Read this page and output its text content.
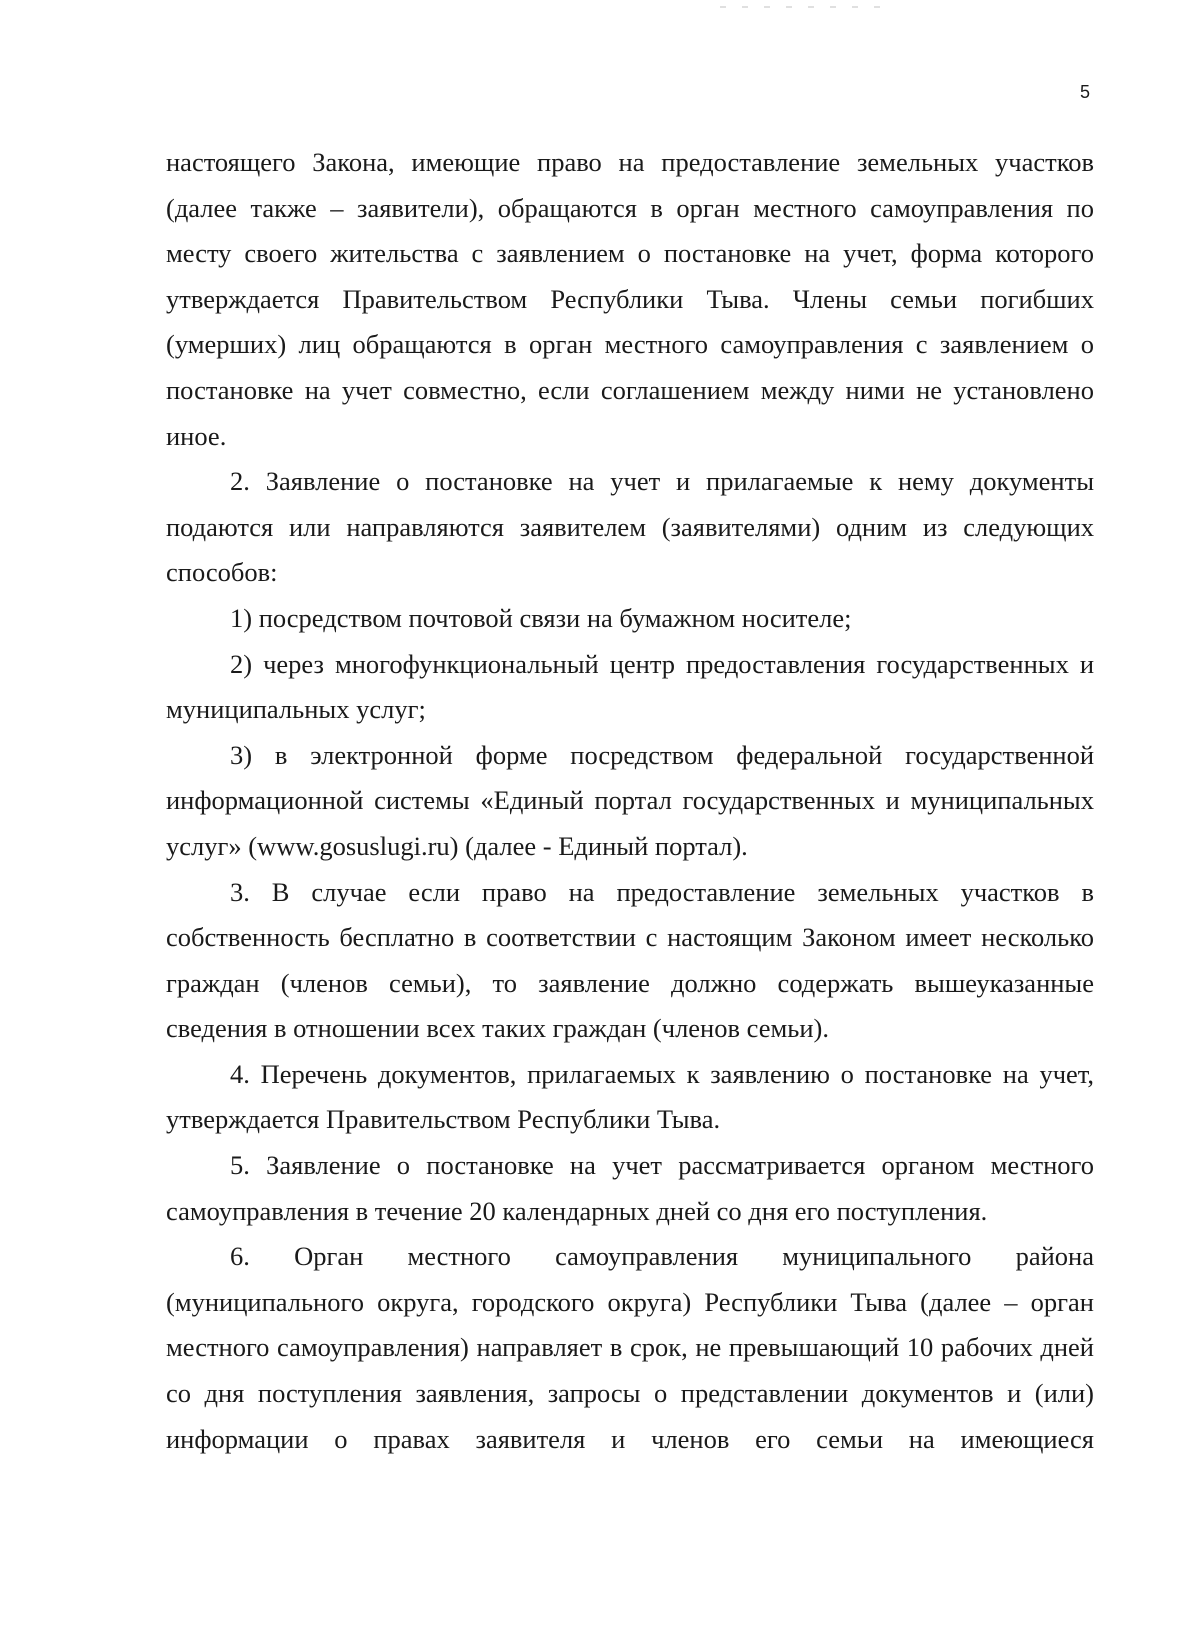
5

настоящего Закона, имеющие право на предоставление земельных участков (далее также – заявители), обращаются в орган местного самоуправления по месту своего жительства с заявлением о постановке на учет, форма которого утверждается Правительством Республики Тыва. Члены семьи погибших (умерших) лиц обращаются в орган местного самоуправления с заявлением о постановке на учет совместно, если соглашением между ними не установлено иное.

2. Заявление о постановке на учет и прилагаемые к нему документы подаются или направляются заявителем (заявителями) одним из следующих способов:

1) посредством почтовой связи на бумажном носителе;

2) через многофункциональный центр предоставления государственных и муниципальных услуг;

3) в электронной форме посредством федеральной государственной информационной системы «Единый портал государственных и муниципальных услуг» (www.gosuslugi.ru) (далее - Единый портал).

3. В случае если право на предоставление земельных участков в собственность бесплатно в соответствии с настоящим Законом имеет несколько граждан (членов семьи), то заявление должно содержать вышеуказанные сведения в отношении всех таких граждан (членов семьи).

4. Перечень документов, прилагаемых к заявлению о постановке на учет, утверждается Правительством Республики Тыва.

5. Заявление о постановке на учет рассматривается органом местного самоуправления в течение 20 календарных дней со дня его поступления.

6. Орган местного самоуправления муниципального района (муниципального округа, городского округа) Республики Тыва (далее – орган местного самоуправления) направляет в срок, не превышающий 10 рабочих дней со дня поступления заявления, запросы о представлении документов и (или) информации о правах заявителя и членов его семьи на имеющиеся
